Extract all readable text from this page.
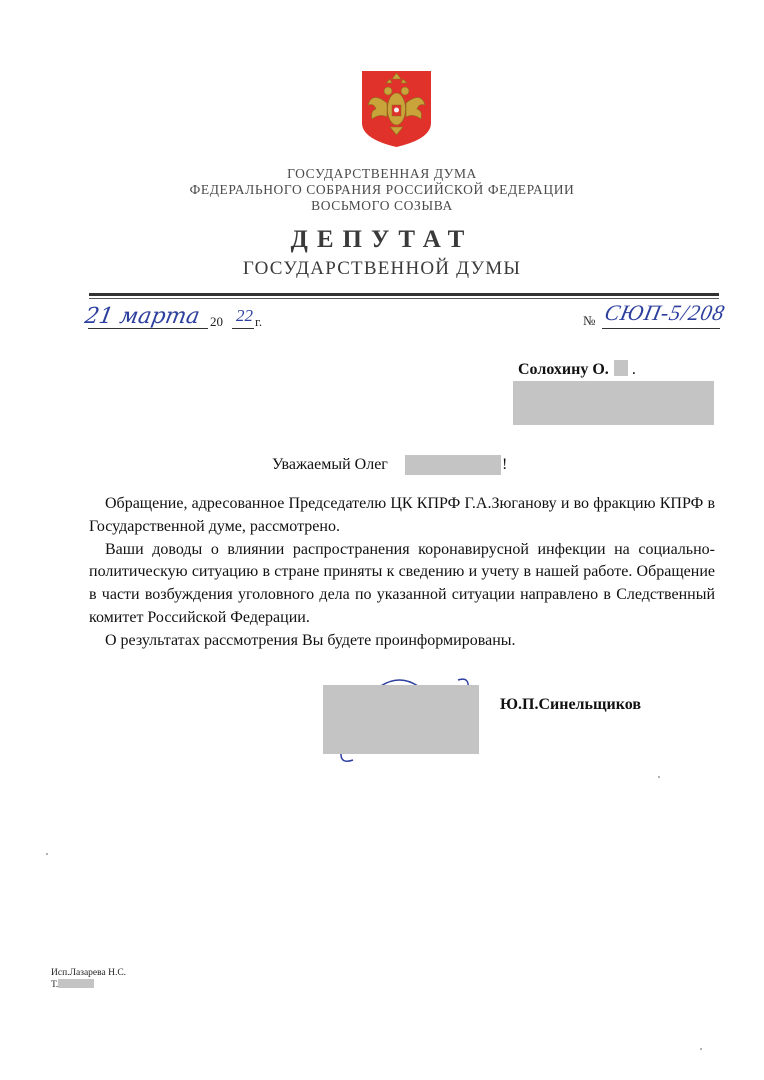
ГОСУДАРСТВЕННАЯ ДУМА
ФЕДЕРАЛЬНОГО СОБРАНИЯ РОССИЙСКОЙ ФЕДЕРАЦИИ
ВОСЬМОГО СОЗЫВА
ДЕПУТАТ
ГОСУДАРСТВЕННОЙ ДУМЫ
21 марта 20 22 г.	№ СЮП-5/208
Солохину О. .
Уважаемый Олег	!

Обращение, адресованное Председателю ЦК КПРФ Г.А.Зюганову и во фракцию КПРФ в Государственной думе, рассмотрено.

Ваши доводы о влиянии распространения коронавирусной инфекции на социально-политическую ситуацию в стране приняты к сведению и учету в нашей работе. Обращение в части возбуждения уголовного дела по указанной ситуации направлено в Следственный комитет Российской Федерации.

О результатах рассмотрения Вы будете проинформированы.

Ю.П.Синельщиков
Исп.Лазарева Н.С.
Т.
